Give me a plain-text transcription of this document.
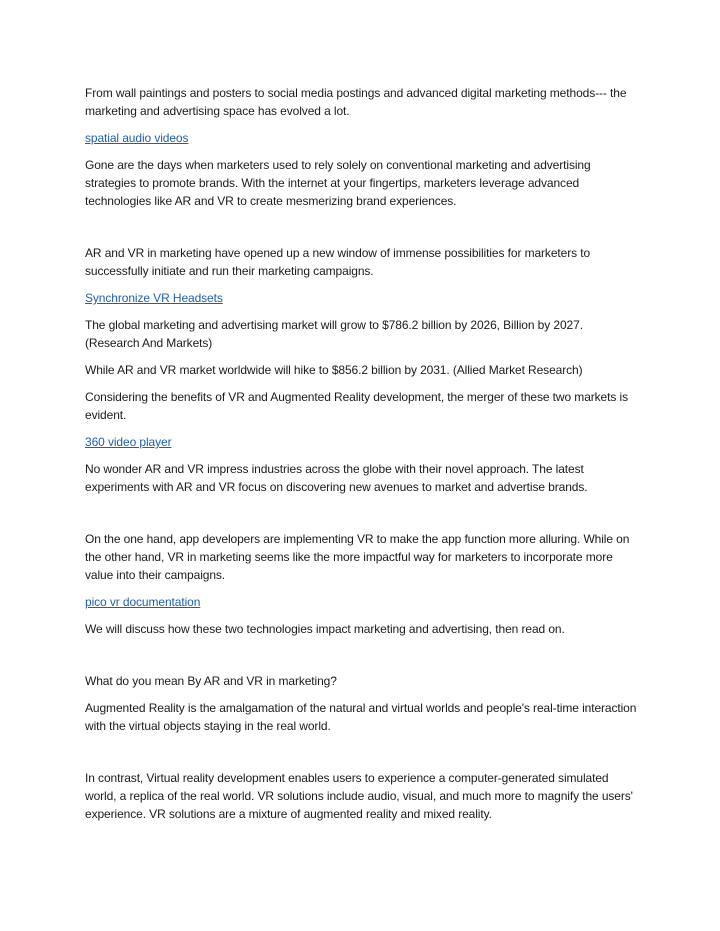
From wall paintings and posters to social media postings and advanced digital marketing methods--- the marketing and advertising space has evolved a lot.

spatial audio videos

Gone are the days when marketers used to rely solely on conventional marketing and advertising strategies to promote brands. With the internet at your fingertips, marketers leverage advanced technologies like AR and VR to create mesmerizing brand experiences.

AR and VR in marketing have opened up a new window of immense possibilities for marketers to successfully initiate and run their marketing campaigns.

Synchronize VR Headsets

The global marketing and advertising market will grow to $786.2 billion by 2026, Billion by 2027. (Research And Markets)

While AR and VR market worldwide will hike to $856.2 billion by 2031. (Allied Market Research)

Considering the benefits of VR and Augmented Reality development, the merger of these two markets is evident.

360 video player

No wonder AR and VR impress industries across the globe with their novel approach. The latest experiments with AR and VR focus on discovering new avenues to market and advertise brands.

On the one hand, app developers are implementing VR to make the app function more alluring. While on the other hand, VR in marketing seems like the more impactful way for marketers to incorporate more value into their campaigns.

pico vr documentation

We will discuss how these two technologies impact marketing and advertising, then read on.

What do you mean By AR and VR in marketing?

Augmented Reality is the amalgamation of the natural and virtual worlds and people's real-time interaction with the virtual objects staying in the real world.

In contrast, Virtual reality development enables users to experience a computer-generated simulated world, a replica of the real world. VR solutions include audio, visual, and much more to magnify the users' experience. VR solutions are a mixture of augmented reality and mixed reality.
